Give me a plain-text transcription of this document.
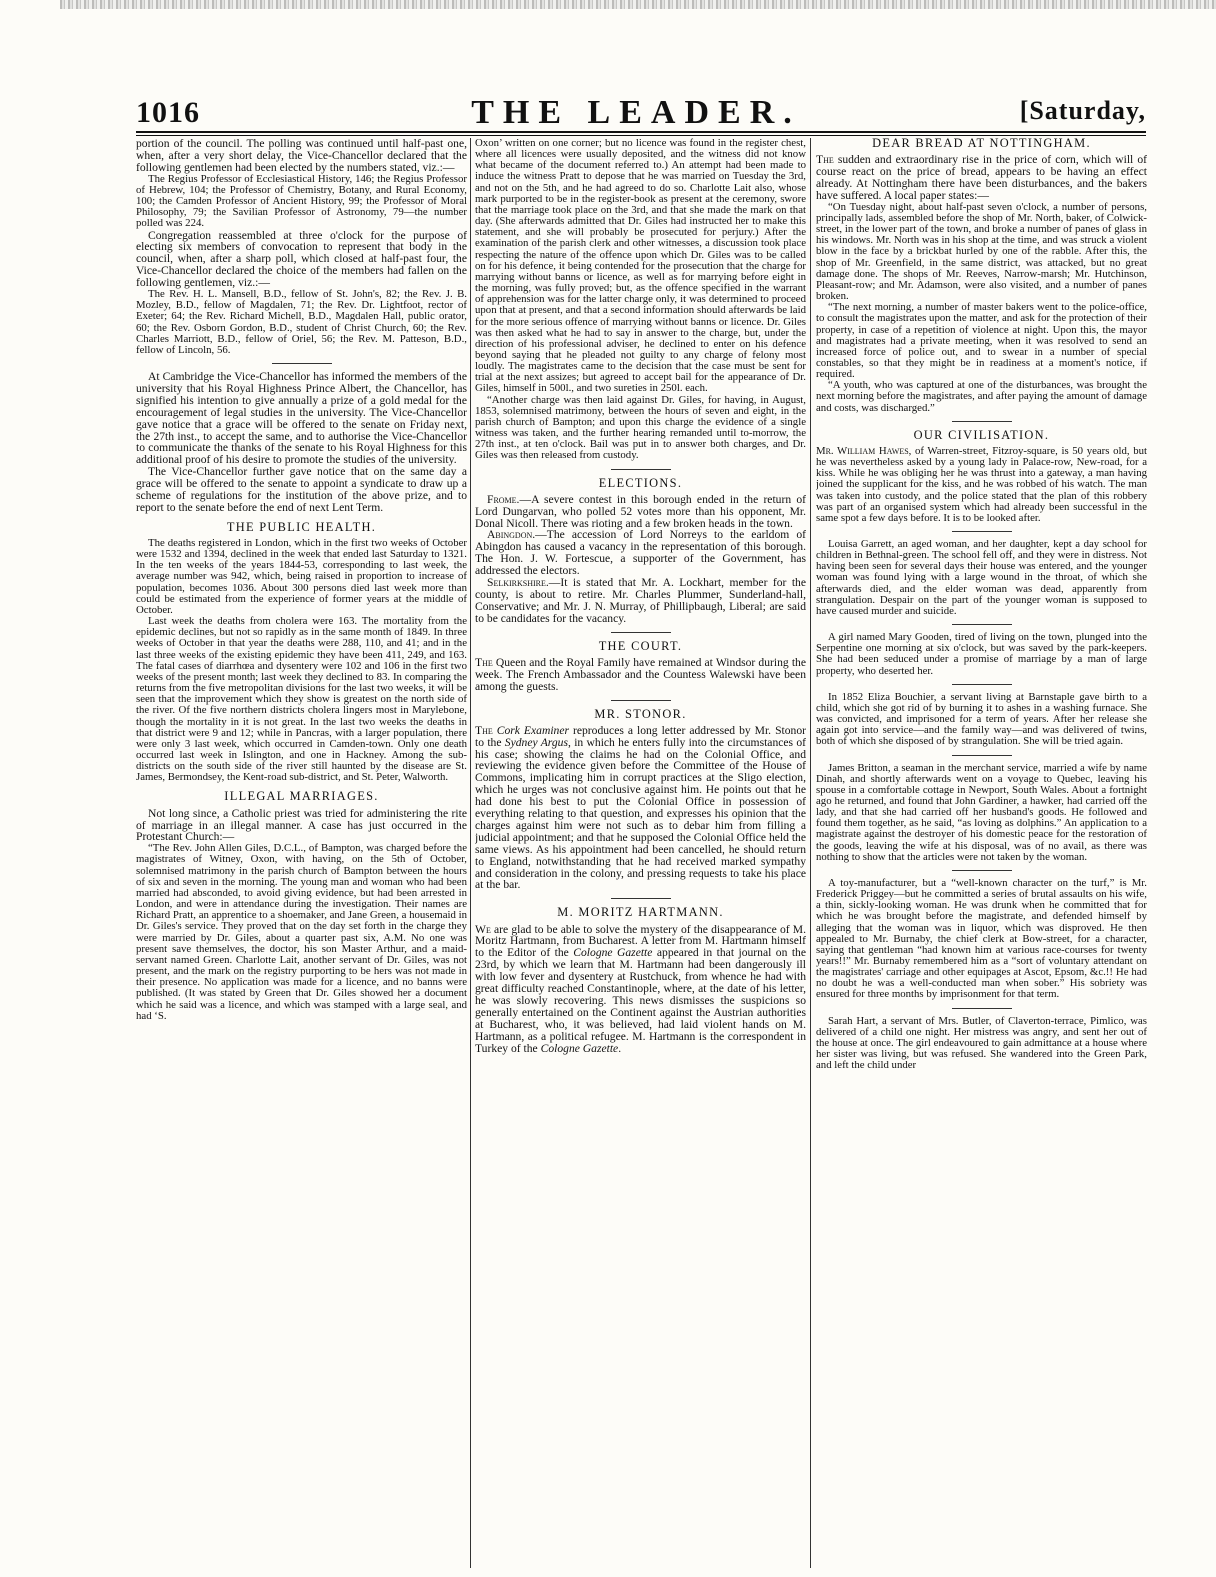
1016	THE LEADER.	[Saturday,

portion of the council. The polling was continued until half-past one, when, after a very short delay, the Vice-Chancellor declared that the following gentlemen had been elected by the numbers stated, viz.:—

The Regius Professor of Ecclesiastical History, 146; the Regius Professor of Hebrew, 104; the Professor of Chemistry, Botany, and Rural Economy, 100; the Camden Professor of Ancient History, 99; the Professor of Moral Philosophy, 79; the Savilian Professor of Astronomy, 79—the number polled was 224.

Congregation reassembled at three o'clock for the purpose of electing six members of convocation to represent that body in the council, when, after a sharp poll, which closed at half-past four, the Vice-Chancellor declared the choice of the members had fallen on the following gentlemen, viz.:—

The Rev. H. L. Mansell, B.D., fellow of St. John's, 82; the Rev. J. B. Mozley, B.D., fellow of Magdalen, 71; the Rev. Dr. Lightfoot, rector of Exeter; 64; the Rev. Richard Michell, B.D., Magdalen Hall, public orator, 60; the Rev. Osborn Gordon, B.D., student of Christ Church, 60; the Rev. Charles Marriott, B.D., fellow of Oriel, 56; the Rev. M. Patteson, B.D., fellow of Lincoln, 56.

At Cambridge the Vice-Chancellor has informed the members of the university that his Royal Highness Prince Albert, the Chancellor, has signified his intention to give annually a prize of a gold medal for the encouragement of legal studies in the university. The Vice-Chancellor gave notice that a grace will be offered to the senate on Friday next, the 27th inst., to accept the same, and to authorise the Vice-Chancellor to communicate the thanks of the senate to his Royal Highness for this additional proof of his desire to promote the studies of the university.

The Vice-Chancellor further gave notice that on the same day a grace will be offered to the senate to appoint a syndicate to draw up a scheme of regulations for the institution of the above prize, and to report to the senate before the end of next Lent Term.

THE PUBLIC HEALTH.

The deaths registered in London, which in the first two weeks of October were 1532 and 1394, declined in the week that ended last Saturday to 1321. In the ten weeks of the years 1844-53, corresponding to last week, the average number was 942, which, being raised in proportion to increase of population, becomes 1036. About 300 persons died last week more than could be estimated from the experience of former years at the middle of October.

Last week the deaths from cholera were 163. The mortality from the epidemic declines, but not so rapidly as in the same month of 1849. In three weeks of October in that year the deaths were 288, 110, and 41; and in the last three weeks of the existing epidemic they have been 411, 249, and 163. The fatal cases of diarrhœa and dysentery were 102 and 106 in the first two weeks of the present month; last week they declined to 83. In comparing the returns from the five metropolitan divisions for the last two weeks, it will be seen that the improvement which they show is greatest on the north side of the river. Of the five northern districts cholera lingers most in Marylebone, though the mortality in it is not great. In the last two weeks the deaths in that district were 9 and 12; while in Pancras, with a larger population, there were only 3 last week, which occurred in Camden-town. Only one death occurred last week in Islington, and one in Hackney. Among the sub-districts on the south side of the river still haunted by the disease are St. James, Bermondsey, the Kent-road sub-district, and St. Peter, Walworth.

ILLEGAL MARRIAGES.

Not long since, a Catholic priest was tried for administering the rite of marriage in an illegal manner. A case has just occurred in the Protestant Church:—

“The Rev. John Allen Giles, D.C.L., of Bampton, was charged before the magistrates of Witney, Oxon, with having, on the 5th of October, solemnised matrimony in the parish church of Bampton between the hours of six and seven in the morning. The young man and woman who had been married had absconded, to avoid giving evidence, but had been arrested in London, and were in attendance during the investigation. Their names are Richard Pratt, an apprentice to a shoemaker, and Jane Green, a housemaid in Dr. Giles's service. They proved that on the day set forth in the charge they were married by Dr. Giles, about a quarter past six, A.M. No one was present save themselves, the doctor, his son Master Arthur, and a maid-servant named Green. Charlotte Lait, another servant of Dr. Giles, was not present, and the mark on the registry purporting to be hers was not made in their presence. No application was made for a licence, and no banns were published. (It was stated by Green that Dr. Giles showed her a document which he said was a licence, and which was stamped with a large seal, and had ‘S.

Oxon’ written on one corner; but no licence was found in the register chest, where all licences were usually deposited, and the witness did not know what became of the document referred to.) An attempt had been made to induce the witness Pratt to depose that he was married on Tuesday the 3rd, and not on the 5th, and he had agreed to do so. Charlotte Lait also, whose mark purported to be in the register-book as present at the ceremony, swore that the marriage took place on the 3rd, and that she made the mark on that day. (She afterwards admitted that Dr. Giles had instructed her to make this statement, and she will probably be prosecuted for perjury.) After the examination of the parish clerk and other witnesses, a discussion took place respecting the nature of the offence upon which Dr. Giles was to be called on for his defence, it being contended for the prosecution that the charge for marrying without banns or licence, as well as for marrying before eight in the morning, was fully proved; but, as the offence specified in the warrant of apprehension was for the latter charge only, it was determined to proceed upon that at present, and that a second information should afterwards be laid for the more serious offence of marrying without banns or licence. Dr. Giles was then asked what he had to say in answer to the charge, but, under the direction of his professional adviser, he declined to enter on his defence beyond saying that he pleaded not guilty to any charge of felony most loudly. The magistrates came to the decision that the case must be sent for trial at the next assizes; but agreed to accept bail for the appearance of Dr. Giles, himself in 500l., and two sureties in 250l. each.

“Another charge was then laid against Dr. Giles, for having, in August, 1853, solemnised matrimony, between the hours of seven and eight, in the parish church of Bampton; and upon this charge the evidence of a single witness was taken, and the further hearing remanded until to-morrow, the 27th inst., at ten o'clock. Bail was put in to answer both charges, and Dr. Giles was then released from custody.

ELECTIONS.

Frome.—A severe contest in this borough ended in the return of Lord Dungarvan, who polled 52 votes more than his opponent, Mr. Donal Nicoll. There was rioting and a few broken heads in the town.

Abingdon.—The accession of Lord Norreys to the earldom of Abingdon has caused a vacancy in the representation of this borough. The Hon. J. W. Fortescue, a supporter of the Government, has addressed the electors.

Selkirkshire.—It is stated that Mr. A. Lockhart, member for the county, is about to retire. Mr. Charles Plummer, Sunderland-hall, Conservative; and Mr. J. N. Murray, of Phillipbaugh, Liberal; are said to be candidates for the vacancy.

THE COURT.

The Queen and the Royal Family have remained at Windsor during the week. The French Ambassador and the Countess Walewski have been among the guests.

MR. STONOR.

The Cork Examiner reproduces a long letter addressed by Mr. Stonor to the Sydney Argus, in which he enters fully into the circumstances of his case; showing the claims he had on the Colonial Office, and reviewing the evidence given before the Committee of the House of Commons, implicating him in corrupt practices at the Sligo election, which he urges was not conclusive against him. He points out that he had done his best to put the Colonial Office in possession of everything relating to that question, and expresses his opinion that the charges against him were not such as to debar him from filling a judicial appointment; and that he supposed the Colonial Office held the same views. As his appointment had been cancelled, he should return to England, notwithstanding that he had received marked sympathy and consideration in the colony, and pressing requests to take his place at the bar.

M. MORITZ HARTMANN.

We are glad to be able to solve the mystery of the disappearance of M. Moritz Hartmann, from Bucharest. A letter from M. Hartmann himself to the Editor of the Cologne Gazette appeared in that journal on the 23rd, by which we learn that M. Hartmann had been dangerously ill with low fever and dysentery at Rustchuck, from whence he had with great difficulty reached Constantinople, where, at the date of his letter, he was slowly recovering. This news dismisses the suspicions so generally entertained on the Continent against the Austrian authorities at Bucharest, who, it was believed, had laid violent hands on M. Hartmann, as a political refugee. M. Hartmann is the correspondent in Turkey of the Cologne Gazette.

DEAR BREAD AT NOTTINGHAM.

The sudden and extraordinary rise in the price of corn, which will of course react on the price of bread, appears to be having an effect already. At Nottingham there have been disturbances, and the bakers have suffered. A local paper states:—

“On Tuesday night, about half-past seven o'clock, a number of persons, principally lads, assembled before the shop of Mr. North, baker, of Colwick-street, in the lower part of the town, and broke a number of panes of glass in his windows. Mr. North was in his shop at the time, and was struck a violent blow in the face by a brickbat hurled by one of the rabble. After this, the shop of Mr. Greenfield, in the same district, was attacked, but no great damage done. The shops of Mr. Reeves, Narrow-marsh; Mr. Hutchinson, Pleasant-row; and Mr. Adamson, were also visited, and a number of panes broken.

“The next morning, a number of master bakers went to the police-office, to consult the magistrates upon the matter, and ask for the protection of their property, in case of a repetition of violence at night. Upon this, the mayor and magistrates had a private meeting, when it was resolved to send an increased force of police out, and to swear in a number of special constables, so that they might be in readiness at a moment's notice, if required.

“A youth, who was captured at one of the disturbances, was brought the next morning before the magistrates, and after paying the amount of damage and costs, was discharged.”

OUR CIVILISATION.

Mr. William Hawes, of Warren-street, Fitzroy-square, is 50 years old, but he was nevertheless asked by a young lady in Palace-row, New-road, for a kiss. While he was obliging her he was thrust into a gateway, a man having joined the supplicant for the kiss, and he was robbed of his watch. The man was taken into custody, and the police stated that the plan of this robbery was part of an organised system which had already been successful in the same spot a few days before. It is to be looked after.

Louisa Garrett, an aged woman, and her daughter, kept a day school for children in Bethnal-green. The school fell off, and they were in distress. Not having been seen for several days their house was entered, and the younger woman was found lying with a large wound in the throat, of which she afterwards died, and the elder woman was dead, apparently from strangulation. Despair on the part of the younger woman is supposed to have caused murder and suicide.

A girl named Mary Gooden, tired of living on the town, plunged into the Serpentine one morning at six o'clock, but was saved by the park-keepers. She had been seduced under a promise of marriage by a man of large property, who deserted her.

In 1852 Eliza Bouchier, a servant living at Barnstaple gave birth to a child, which she got rid of by burning it to ashes in a washing furnace. She was convicted, and imprisoned for a term of years. After her release she again got into service—and the family way—and was delivered of twins, both of which she disposed of by strangulation. She will be tried again.

James Britton, a seaman in the merchant service, married a wife by name Dinah, and shortly afterwards went on a voyage to Quebec, leaving his spouse in a comfortable cottage in Newport, South Wales. About a fortnight ago he returned, and found that John Gardiner, a hawker, had carried off the lady, and that she had carried off her husband's goods. He followed and found them together, as he said, “as loving as dolphins.” An application to a magistrate against the destroyer of his domestic peace for the restoration of the goods, leaving the wife at his disposal, was of no avail, as there was nothing to show that the articles were not taken by the woman.

A toy-manufacturer, but a “well-known character on the turf,” is Mr. Frederick Priggey—but he committed a series of brutal assaults on his wife, a thin, sickly-looking woman. He was drunk when he committed that for which he was brought before the magistrate, and defended himself by alleging that the woman was in liquor, which was disproved. He then appealed to Mr. Burnaby, the chief clerk at Bow-street, for a character, saying that gentleman “had known him at various race-courses for twenty years!!” Mr. Burnaby remembered him as a “sort of voluntary attendant on the magistrates' carriage and other equipages at Ascot, Epsom, &c.!! He had no doubt he was a well-conducted man when sober.” His sobriety was ensured for three months by imprisonment for that term.

Sarah Hart, a servant of Mrs. Butler, of Claverton-terrace, Pimlico, was delivered of a child one night. Her mistress was angry, and sent her out of the house at once. The girl endeavoured to gain admittance at a house where her sister was living, but was refused. She wandered into the Green Park, and left the child under
